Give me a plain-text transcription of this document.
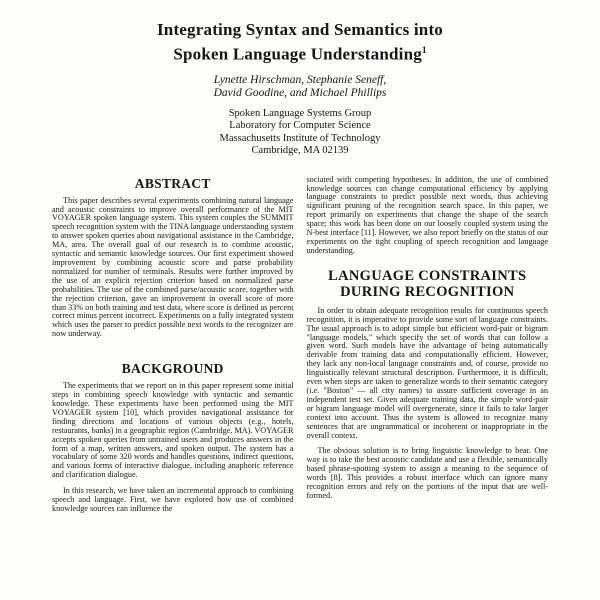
Integrating Syntax and Semantics into
Spoken Language Understanding$^1$
Lynette Hirschman, Stephanie Seneff,
David Goodine, and Michael Phillips
Spoken Language Systems Group
Laboratory for Computer Science
Massachusetts Institute of Technology
Cambridge, MA 02139
ABSTRACT

This paper describes several experiments combining natural language and acoustic constraints to improve overall performance of the MIT VOYAGER spoken language system. This system couples the SUMMIT speech recognition system with the TINA language understanding system to answer spoken queries about navigational assistance in the Cambridge, MA, area. The overall goal of our research is to combine acoustic, syntactic and semantic knowledge sources. Our first experiment showed improvement by combining acoustic score and parse probability normalized for number of terminals. Results were further improved by the use of an explicit rejection criterion based on normalized parse probabilities. The use of the combined parse/acoustic score, together with the rejection criterion, gave an improvement in overall score of more than 33% on both training and test data, where score is defined as percent correct minus percent incorrect. Experiments on a fully integrated system which uses the parser to predict possible next words to the recognizer are now underway.

BACKGROUND

The experiments that we report on in this paper represent some initial steps in combining speech knowledge with syntactic and semantic knowledge. These experiments have been performed using the MIT VOYAGER system [10], which provides navigational assistance for finding directions and locations of various objects (e.g., hotels, restaurants, banks) in a geographic region (Cambridge, MA). VOYAGER accepts spoken queries from untrained users and produces answers in the form of a map, written answers, and spoken output. The system has a vocabulary of some 320 words and handles questions, indirect questions, and various forms of interactive dialogue, including anaphoric reference and clarification dialogue.

In this research, we have taken an incremental approach to combining speech and language. First, we have explored how use of combined knowledge sources can influence the

sociated with competing hypotheses. In addition, the use of combined knowledge sources can change computational efficiency by applying language constraints to predict possible next words, thus achieving significant pruning of the recognition search space. In this paper, we report primarily on experiments that change the shape of the search space; this work has been done on our loosely coupled system using the N-best interface [11]. However, we also report briefly on the status of our experiments on the tight coupling of speech recognition and language understanding.

LANGUAGE CONSTRAINTS
DURING RECOGNITION

In order to obtain adequate recognition results for continuous speech recognition, it is imperative to provide some sort of language constraints. The usual approach is to adopt simple but efficient word-pair or bigram "language models," which specify the set of words that can follow a given word. Such models have the advantage of being automatically derivable from training data and computationally efficient. However, they lack any non-local language constraints and, of course, provide no linguistically relevant structural description. Furthermore, it is difficult, even when steps are taken to generalize words to their semantic category (i.e. "Boston" — all city names) to assure sufficient coverage in an independent test set. Given adequate training data, the simple word-pair or bigram language model will overgenerate, since it fails to take larger context into account. Thus the system is allowed to recognize many sentences that are ungrammatical or incoherent or inappropriate in the overall context.

The obvious solution is to bring linguistic knowledge to bear. One way is to take the best acoustic candidate and use a flexible, semantically based phrase-spotting system to assign a meaning to the sequence of words [8]. This provides a robust interface which can ignore many recognition errors and rely on the portions of the input that are well-formed.
